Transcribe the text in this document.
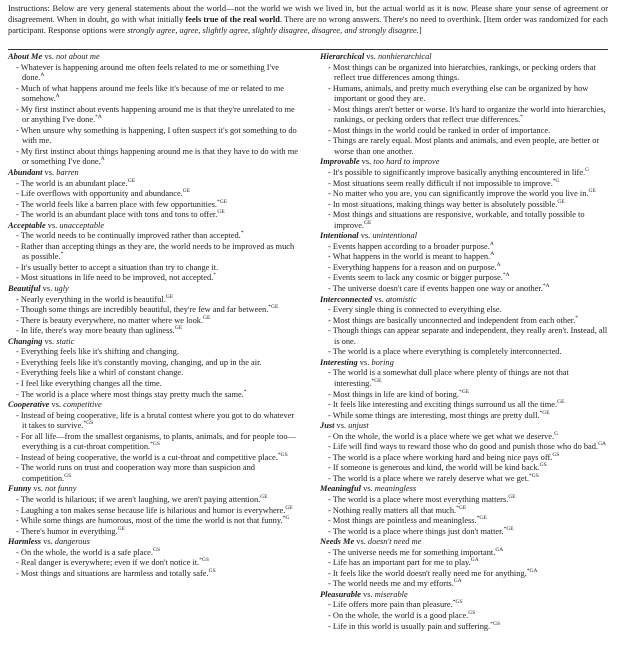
Instructions: Below are very general statements about the world—not the world we wish we lived in, but the actual world as it is now. Please share your sense of agreement or disagreement. When in doubt, go with what initially feels true of the real world. There are no wrong answers. There's no need to overthink. [Item order was randomized for each participant. Response options were strongly agree, agree, slightly agree, slightly disagree, disagree, and strongly disagree.]
About Me vs. not about me
- Whatever is happening around me often feels related to me or something I've done.$^A$
- Much of what happens around me feels like it's because of me or related to me somehow.$^A$
- My first instinct about events happening around me is that they're unrelated to me or anything I've done.$^{*A}$
- When unsure why something is happening, I often suspect it's got something to do with me.
- My first instinct about things happening around me is that they have to do with me or something I've done.$^A$
Abundant vs. barren
- The world is an abundant place.$^{GE}$
- Life overflows with opportunity and abundance.$^{GE}$
- The world feels like a barren place with few opportunities.$^{*GE}$
- The world is an abundant place with tons and tons to offer.$^{GE}$
Acceptable vs. unacceptable
- The world needs to be continually improved rather than accepted.*
- Rather than accepting things as they are, the world needs to be improved as much as possible.*
- It's usually better to accept a situation than try to change it.
- Most situations in life need to be improved, not accepted.*
Beautiful vs. ugly
- Nearly everything in the world is beautiful.$^{GE}$
- Though some things are incredibly beautiful, they're few and far between.$^{*GE}$
- There is beauty everywhere, no matter where we look.$^{GE}$
- In life, there's way more beauty than ugliness.$^{GE}$
Changing vs. static
- Everything feels like it's shifting and changing.
- Everything feels like it's constantly moving, changing, and up in the air.
- Everything feels like a whirl of constant change.
- I feel like everything changes all the time.
- The world is a place where most things stay pretty much the same.*
Cooperative vs. competitive
- Instead of being cooperative, life is a brutal contest where you got to do whatever it takes to survive.$^{*GS}$
- For all life—from the smallest organisms, to plants, animals, and for people too—everything is a cut-throat competition.$^{*GS}$
- Instead of being cooperative, the world is a cut-throat and competitive place.$^{*GS}$
- The world runs on trust and cooperation way more than suspicion and competition.$^{GS}$
Funny vs. not funny
- The world is hilarious; if we aren't laughing, we aren't paying attention.$^{GE}$
- Laughing a ton makes sense because life is hilarious and humor is everywhere.$^{GE}$
- While some things are humorous, most of the time the world is not that funny.$^{*G}$
- There's humor in everything.$^{GE}$
Harmless vs. dangerous
- On the whole, the world is a safe place.$^{GS}$
- Real danger is everywhere; even if we don't notice it.$^{*GS}$
- Most things and situations are harmless and totally safe.$^{GS}$
Hierarchical vs. nonhierarchical
- Most things can be organized into hierarchies, rankings, or pecking orders that reflect true differences among things.
- Humans, animals, and pretty much everything else can be organized by how important or good they are.
- Most things aren't better or worse. It's hard to organize the world into hierarchies, rankings, or pecking orders that reflect true differences.*
- Most things in the world could be ranked in order of importance.
- Things are rarely equal. Most plants and animals, and even people, are better or worse than one another.
Improvable vs. too hard to improve
- It's possible to significantly improve basically anything encountered in life.$^G$
- Most situations seem really difficult if not impossible to improve.$^{*G}$
- No matter who you are, you can significantly improve the world you live in.$^{GE}$
- In most situations, making things way better is absolutely possible.$^{GE}$
- Most things and situations are responsive, workable, and totally possible to improve.$^{GE}$
Intentional vs. unintentional
- Events happen according to a broader purpose.$^A$
- What happens in the world is meant to happen.$^A$
- Everything happens for a reason and on purpose.$^A$
- Events seem to lack any cosmic or bigger purpose.$^{*A}$
- The universe doesn't care if events happen one way or another.$^{*A}$
Interconnected vs. atomistic
- Every single thing is connected to everything else.
- Most things are basically unconnected and independent from each other.*
- Though things can appear separate and independent, they really aren't. Instead, all is one.
- The world is a place where everything is completely interconnected.
Interesting vs. boring
- The world is a somewhat dull place where plenty of things are not that interesting.$^{*GE}$
- Most things in life are kind of boring.$^{*GE}$
- It feels like interesting and exciting things surround us all the time.$^{GE}$
- While some things are interesting, most things are pretty dull.$^{*GE}$
Just vs. unjust
- On the whole, the world is a place where we get what we deserve.$^G$
- Life will find ways to reward those who do good and punish those who do bad.$^{GA}$
- The world is a place where working hard and being nice pays off.$^{GS}$
- If someone is generous and kind, the world will be kind back.$^{GS}$
- The world is a place where we rarely deserve what we get.$^{*GS}$
Meaningful vs. meaningless
- The world is a place where most everything matters.$^{GE}$
- Nothing really matters all that much.$^{*GE}$
- Most things are pointless and meaningless.$^{*GE}$
- The world is a place where things just don't matter.$^{*GE}$
Needs Me vs. doesn't need me
- The universe needs me for something important.$^{GA}$
- Life has an important part for me to play.$^{GA}$
- It feels like the world doesn't really need me for anything.$^{*GA}$
- The world needs me and my efforts.$^{GA}$
Pleasurable vs. miserable
- Life offers more pain than pleasure.$^{*GS}$
- On the whole, the world is a good place.$^{GS}$
- Life in this world is usually pain and suffering.$^{*GS}$
